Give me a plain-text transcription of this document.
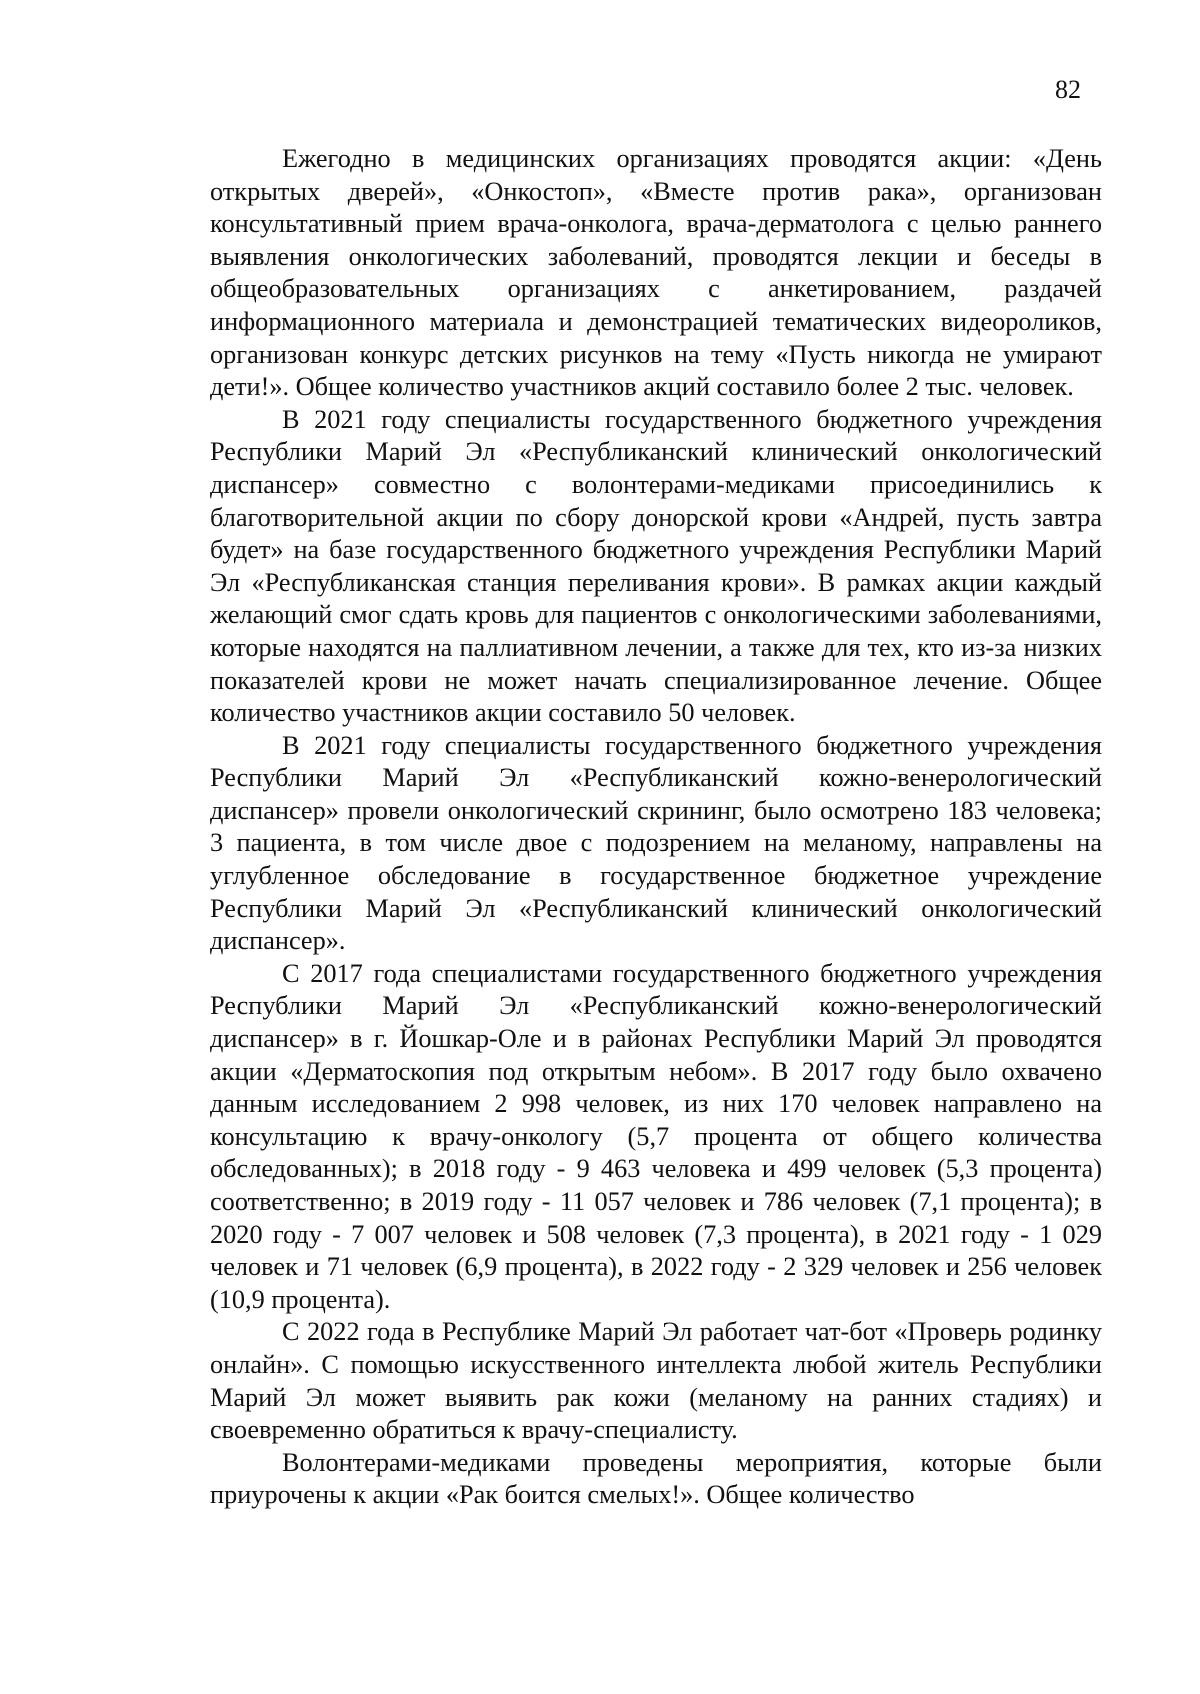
82

Ежегодно в медицинских организациях проводятся акции: «День открытых дверей», «Онкостоп», «Вместе против рака», организован консультативный прием врача-онколога, врача-дерматолога с целью раннего выявления онкологических заболеваний, проводятся лекции и беседы в общеобразовательных организациях с анкетированием, раздачей информационного материала и демонстрацией тематических видеороликов, организован конкурс детских рисунков на тему «Пусть никогда не умирают дети!». Общее количество участников акций составило более 2 тыс. человек.

В 2021 году специалисты государственного бюджетного учреждения Республики Марий Эл «Республиканский клинический онкологический диспансер» совместно с волонтерами-медиками присоединились к благотворительной акции по сбору донорской крови «Андрей, пусть завтра будет» на базе государственного бюджетного учреждения Республики Марий Эл «Республиканская станция переливания крови». В рамках акции каждый желающий смог сдать кровь для пациентов с онкологическими заболеваниями, которые находятся на паллиативном лечении, а также для тех, кто из-за низких показателей крови не может начать специализированное лечение. Общее количество участников акции составило 50 человек.

В 2021 году специалисты государственного бюджетного учреждения Республики Марий Эл «Республиканский кожно-венерологический диспансер» провели онкологический скрининг, было осмотрено 183 человека; 3 пациента, в том числе двое с подозрением на меланому, направлены на углубленное обследование в государственное бюджетное учреждение Республики Марий Эл «Республиканский клинический онкологический диспансер».

С 2017 года специалистами государственного бюджетного учреждения Республики Марий Эл «Республиканский кожно-венерологический диспансер» в г. Йошкар-Оле и в районах Республики Марий Эл проводятся акции «Дерматоскопия под открытым небом». В 2017 году было охвачено данным исследованием 2 998 человек, из них 170 человек направлено на консультацию к врачу-онкологу (5,7 процента от общего количества обследованных); в 2018 году - 9 463 человека и 499 человек (5,3 процента) соответственно; в 2019 году - 11 057 человек и 786 человек (7,1 процента); в 2020 году - 7 007 человек и 508 человек (7,3 процента), в 2021 году - 1 029 человек и 71 человек (6,9 процента), в 2022 году - 2 329 человек и 256 человек (10,9 процента).

С 2022 года в Республике Марий Эл работает чат-бот «Проверь родинку онлайн». С помощью искусственного интеллекта любой житель Республики Марий Эл может выявить рак кожи (меланому на ранних стадиях) и своевременно обратиться к врачу-специалисту.

Волонтерами-медиками проведены мероприятия, которые были приурочены к акции «Рак боится смелых!». Общее количество
